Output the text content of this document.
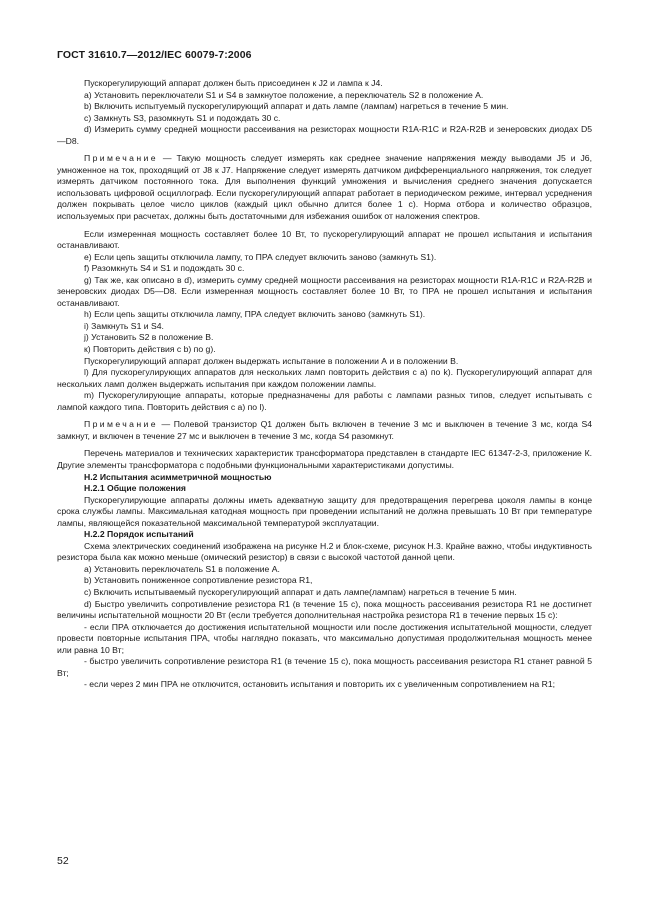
ГОСТ 31610.7—2012/IEC 60079-7:2006

Пускорегулирующий аппарат должен быть присоединен к J2 и лампа к J4.

a) Установить переключатели S1 и S4 в замкнутое положение, а переключатель S2 в положение А.

b) Включить испытуемый пускорегулирующий аппарат и дать лампе (лампам) нагреться в течение 5 мин.

c) Замкнуть S3, разомкнуть S1 и подождать 30 с.

d) Измерить сумму средней мощности рассеивания на резисторах мощности R1A-R1C и R2A-R2B и зенеровских диодах D5—D8.

Примечание — Такую мощность следует измерять как среднее значение напряжения между выводами J5 и J6, умноженное на ток, проходящий от J8 к J7. Напряжение следует измерять датчиком дифференциального напряжения, ток следует измерять датчиком постоянного тока. Для выполнения функций умножения и вычисления среднего значения допускается использовать цифровой осциллограф. Если пускорегулирующий аппарат работает в периодическом режиме, интервал усреднения должен покрывать целое число циклов (каждый цикл обычно длится более 1 с). Норма отбора и количество образцов, используемых при расчетах, должны быть достаточными для избежания ошибок от наложения спектров.

Если измеренная мощность составляет более 10 Вт, то пускорегулирующий аппарат не прошел испытания и испытания останавливают.

e) Если цепь защиты отключила лампу, то ПРА следует включить заново (замкнуть S1).

f) Разомкнуть S4 и S1 и подождать 30 с.

g) Так же, как описано в d), измерить сумму средней мощности рассеивания на резисторах мощности R1A-R1C и R2A-R2B и зенеровских диодах D5—D8. Если измеренная мощность составляет более 10 Вт, то ПРА не прошел испытания и испытания останавливают.

h) Если цепь защиты отключила лампу, ПРА следует включить заново (замкнуть S1).

i) Замкнуть S1 и S4.

j) Установить S2 в положение В.

к) Повторить действия с b) по g).

Пускорегулирующий аппарат должен выдержать испытание в положении А и в положении В.

l) Для пускорегулирующих аппаратов для нескольких ламп повторить действия с а) по k). Пускорегулирующий аппарат для нескольких ламп должен выдержать испытания при каждом положении лампы.

m) Пускорегулирующие аппараты, которые предназначены для работы с лампами разных типов, следует испытывать с лампой каждого типа. Повторить действия с а) по l).

Примечание — Полевой транзистор Q1 должен быть включен в течение 3 мс и выключен в течение 3 мс, когда S4 замкнут, и включен в течение 27 мс и выключен в течение 3 мс, когда S4 разомкнут.

Перечень материалов и технических характеристик трансформатора представлен в стандарте IEC 61347-2-3, приложение К. Другие элементы трансформатора с подобными функциональными характеристиками допустимы.

Н.2 Испытания асимметричной мощностью

Н.2.1 Общие положения

Пускорегулирующие аппараты должны иметь адекватную защиту для предотвращения перегрева цоколя лампы в конце срока службы лампы. Максимальная катодная мощность при проведении испытаний не должна превышать 10 Вт при температуре лампы, являющейся показательной максимальной температурой эксплуатации.

Н.2.2 Порядок испытаний

Схема электрических соединений изображена на рисунке Н.2 и блок-схеме, рисунок Н.3. Крайне важно, чтобы индуктивность резистора была как можно меньше (омический резистор) в связи с высокой частотой данной цепи.

a) Установить переключатель S1 в положение А.

b) Установить пониженное сопротивление резистора R1,

c) Включить испытываемый пускорегулирующий аппарат и дать лампе(лампам) нагреться в течение 5 мин.

d) Быстро увеличить сопротивление резистора R1 (в течение 15 с), пока мощность рассеивания резистора R1 не достигнет величины испытательной мощности 20 Вт (если требуется дополнительная настройка резистора R1 в течение первых 15 с):

- если ПРА отключается до достижения испытательной мощности или после достижения испытательной мощности, следует провести повторные испытания ПРА, чтобы наглядно показать, что максимально допустимая продолжительная мощность менее или равна 10 Вт;

- быстро увеличить сопротивление резистора R1 (в течение 15 с), пока мощность рассеивания резистора R1 станет равной 5 Вт;

- если через 2 мин ПРА не отключится, остановить испытания и повторить их с увеличенным сопротивлением на R1;

52
